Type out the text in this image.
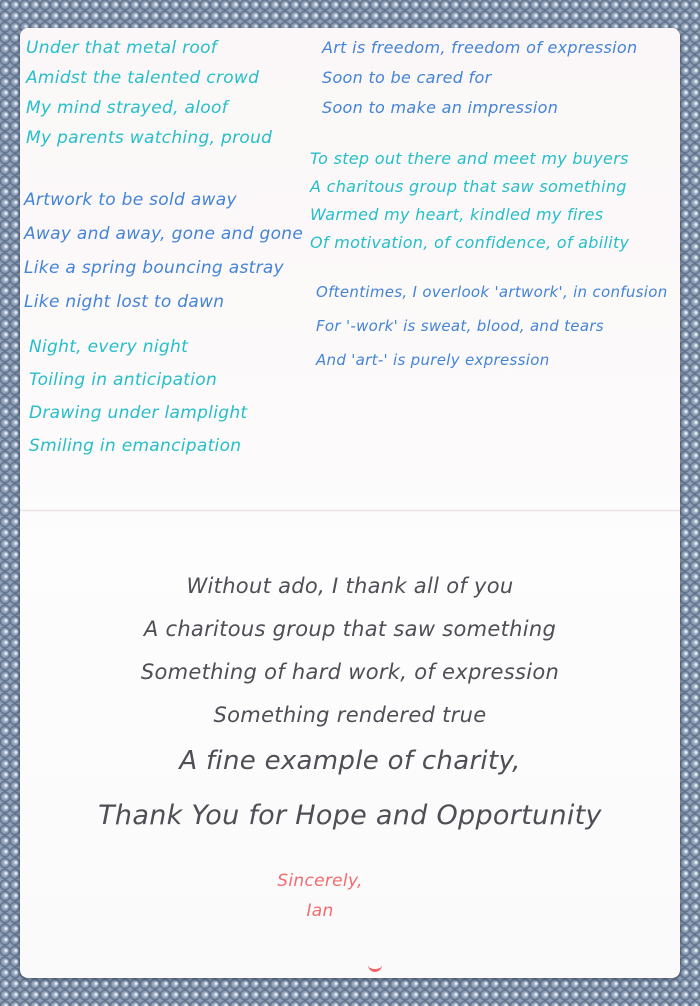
Under that metal roof
Amidst the talented crowd
My mind strayed, aloof
My parents watching, proud
Artwork to be sold away
Away and away, gone and gone
Like a spring bouncing astray
Like night lost to dawn
Night, every night
Toiling in anticipation
Drawing under lamplight
Smiling in emancipation
Art is freedom, freedom of expression
Soon to be cared for
Soon to make an impression
To step out there and meet my buyers
A charitous group that saw something
Warmed my heart, kindled my fires
Of motivation, of confidence, of ability
Oftentimes, I overlook 'artwork', in confusion
For '-work' is sweat, blood, and tears
And 'art-' is purely expression
Without ado, I thank all of you
A charitous group that saw something
Something of hard work, of expression
Something rendered true
A fine example of charity,
Thank You for Hope and Opportunity
Sincerely,
Ian
